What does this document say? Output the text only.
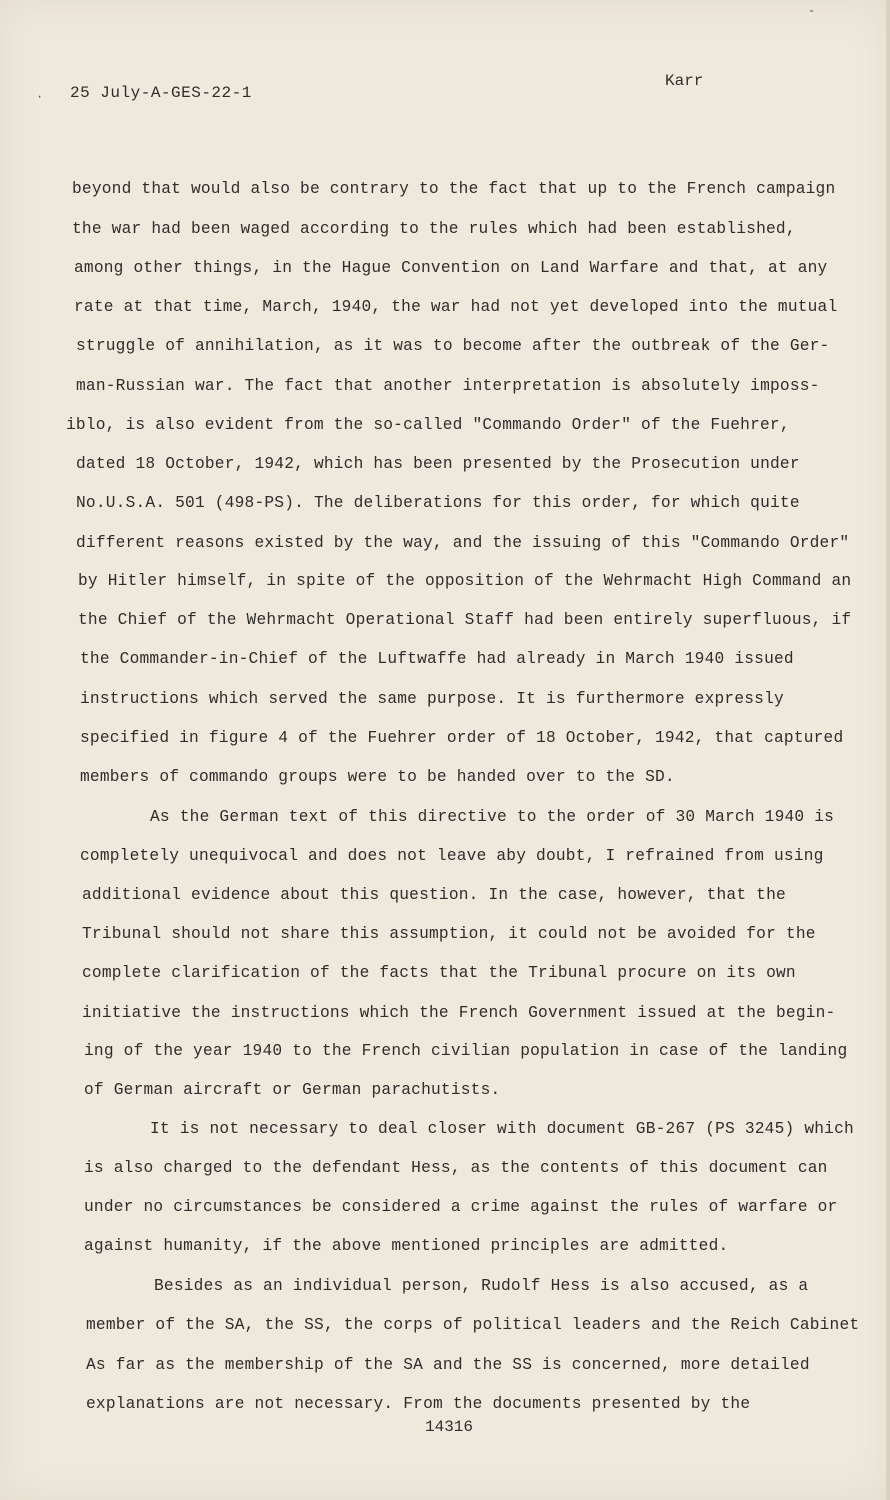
·
-
25 July-A-GES-22-1
Karr
beyond that would also be contrary to the fact that up to the French campaign
the war had been waged according to the rules which had been established,
among other things, in the Hague Convention on Land Warfare and that, at any
rate at that time, March, 1940, the war had not yet developed into the mutual
struggle of annihilation, as it was to become after the outbreak of the Ger-
man-Russian war. The fact that another interpretation is absolutely imposs-
iblo, is also evident from the so-called "Commando Order" of the Fuehrer,
dated 18 October, 1942, which has been presented by the Prosecution under
No.U.S.A. 501 (498-PS). The deliberations for this order, for which quite
different reasons existed by the way, and the issuing of this "Commando Order"
by Hitler himself, in spite of the opposition of the Wehrmacht High Command an
the Chief of the Wehrmacht Operational Staff had been entirely superfluous, if
the Commander-in-Chief of the Luftwaffe had already in March 1940 issued
instructions which served the same purpose. It is furthermore expressly
specified in figure 4 of the Fuehrer order of 18 October, 1942, that captured
members of commando groups were to be handed over to the SD.
As the German text of this directive to the order of 30 March 1940 is
completely unequivocal and does not leave aby doubt, I refrained from using
additional evidence about this question. In the case, however, that the
Tribunal should not share this assumption, it could not be avoided for the
complete clarification of the facts that the Tribunal procure on its own
initiative the instructions which the French Government issued at the begin-
ing of the year 1940 to the French civilian population in case of the landing
of German aircraft or German parachutists.
It is not necessary to deal closer with document GB-267 (PS 3245) which
is also charged to the defendant Hess, as the contents of this document can
under no circumstances be considered a crime against the rules of warfare or
against humanity, if the above mentioned principles are admitted.
Besides as an individual person, Rudolf Hess is also accused, as a
member of the SA, the SS, the corps of political leaders and the Reich Cabinet
As far as the membership of the SA and the SS is concerned, more detailed
explanations are not necessary. From the documents presented by the
14316
